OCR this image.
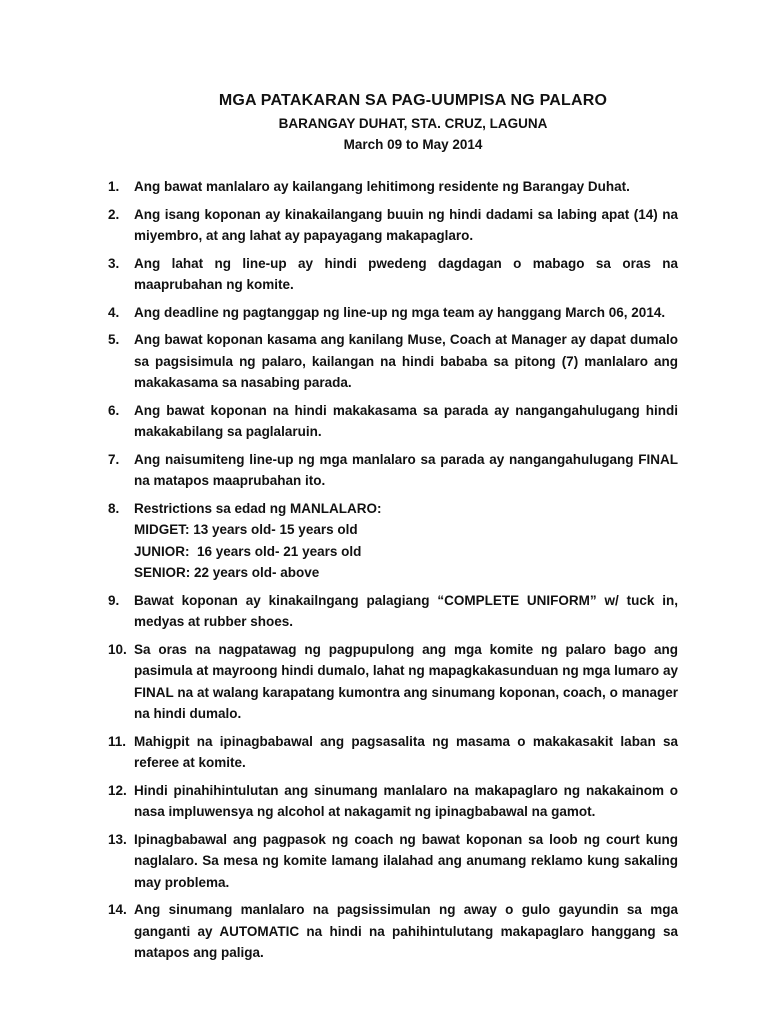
MGA PATAKARAN SA PAG-UUMPISA NG PALARO
BARANGAY DUHAT, STA. CRUZ, LAGUNA
March 09 to May 2014
1.	Ang bawat manlalaro ay kailangang lehitimong residente ng Barangay Duhat.
2.	Ang isang koponan ay kinakailangang buuin ng hindi dadami sa labing apat (14) na miyembro, at ang lahat ay papayagang makapaglaro.
3.	Ang lahat ng line-up ay hindi pwedeng dagdagan o mabago sa oras na maaprubahan ng komite.
4.	Ang deadline ng pagtanggap ng line-up ng mga team ay hanggang March 06, 2014.
5.	Ang bawat koponan kasama ang kanilang Muse, Coach at Manager ay dapat dumalo sa pagsisimula ng palaro, kailangan na hindi bababa sa pitong (7) manlalaro ang makakasama sa nasabing parada.
6.	Ang bawat koponan na hindi makakasama sa parada ay nangangahulugang hindi makakabilang sa paglalaruin.
7.	Ang naisumiteng line-up ng mga manlalaro sa parada ay nangangahulugang FINAL na matapos maaprubahan ito.
8.	Restrictions sa edad ng MANLALARO:
MIDGET: 13 years old- 15 years old
JUNIOR:  16 years old- 21 years old
SENIOR: 22 years old- above
9.	Bawat koponan ay kinakailngang palagiang “COMPLETE UNIFORM” w/ tuck in, medyas at rubber shoes.
10. Sa oras na nagpatawag ng pagpupulong ang mga komite ng palaro bago ang pasimula at mayroong hindi dumalo, lahat ng mapagkakasunduan ng mga lumaro ay FINAL na at walang karapatang kumontra ang sinumang koponan, coach, o manager na hindi dumalo.
11. Mahigpit na ipinagbabawal ang pagsasalita ng masama o makakasakit laban sa referee at komite.
12. Hindi pinahihintulutan ang sinumang manlalaro na makapaglaro ng nakakainom o nasa impluwensya ng alcohol at nakagamit ng ipinagbabawal na gamot.
13. Ipinagbabawal ang pagpasok ng coach ng bawat koponan sa loob ng court kung naglalaro. Sa mesa ng komite lamang ilalahad ang anumang reklamo kung sakaling may problema.
14. Ang sinumang manlalaro na pagsissimulan ng away o gulo gayundin sa mga ganganti ay AUTOMATIC na hindi na pahihintulutang makapaglaro hanggang sa matapos ang paliga.
